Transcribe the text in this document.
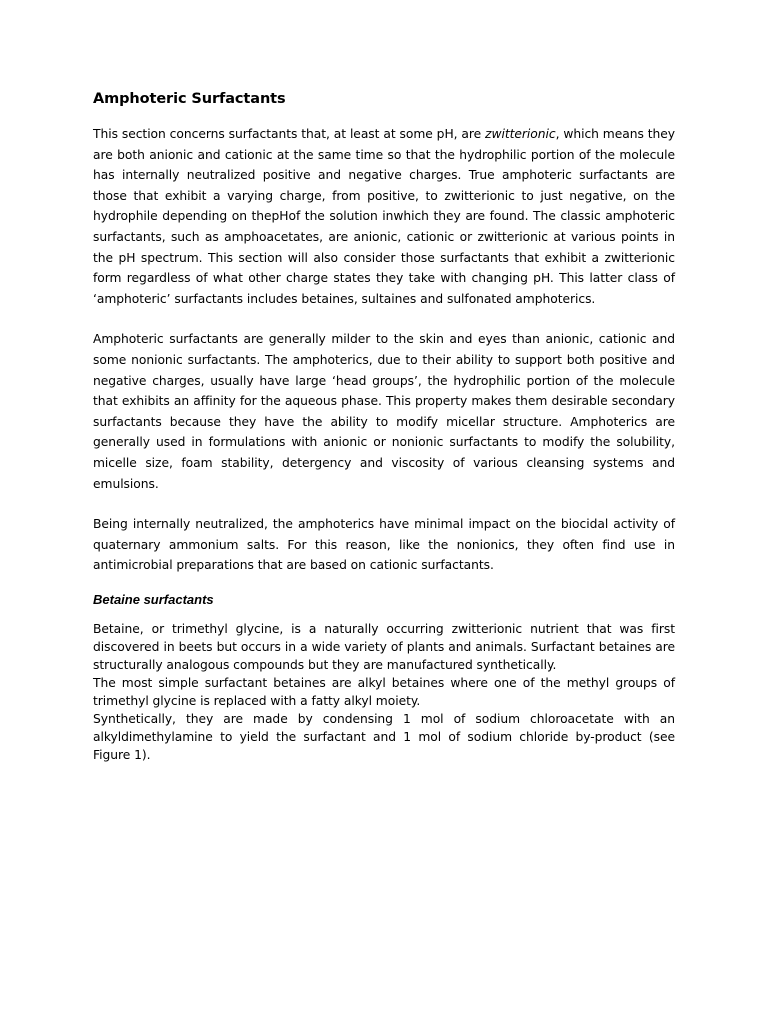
Amphoteric Surfactants

This section concerns surfactants that, at least at some pH, are zwitterionic, which means they are both anionic and cationic at the same time so that the hydrophilic portion of the molecule has internally neutralized positive and negative charges. True amphoteric surfactants are those that exhibit a varying charge, from positive, to zwitterionic to just negative, on the hydrophile depending on thepHof the solution inwhich they are found. The classic amphoteric surfactants, such as amphoacetates, are anionic, cationic or zwitterionic at various points in the pH spectrum. This section will also consider those surfactants that exhibit a zwitterionic form regardless of what other charge states they take with changing pH. This latter class of ‘amphoteric’ surfactants includes betaines, sultaines and sulfonated amphoterics.

Amphoteric surfactants are generally milder to the skin and eyes than anionic, cationic and some nonionic surfactants. The amphoterics, due to their ability to support both positive and negative charges, usually have large ‘head groups’, the hydrophilic portion of the molecule that exhibits an affinity for the aqueous phase. This property makes them desirable secondary surfactants because they have the ability to modify micellar structure. Amphoterics are generally used in formulations with anionic or nonionic surfactants to modify the solubility, micelle size, foam stability, detergency and viscosity of various cleansing systems and emulsions.

Being internally neutralized, the amphoterics have minimal impact on the biocidal activity of quaternary ammonium salts. For this reason, like the nonionics, they often find use in antimicrobial preparations that are based on cationic surfactants.

Betaine surfactants

Betaine, or trimethyl glycine, is a naturally occurring zwitterionic nutrient that was first discovered in beets but occurs in a wide variety of plants and animals. Surfactant betaines are structurally analogous compounds but they are manufactured synthetically.

The most simple surfactant betaines are alkyl betaines where one of the methyl groups of trimethyl glycine is replaced with a fatty alkyl moiety.

Synthetically, they are made by condensing 1 mol of sodium chloroacetate with an alkyldimethylamine to yield the surfactant and 1 mol of sodium chloride by-product (see Figure 1).
